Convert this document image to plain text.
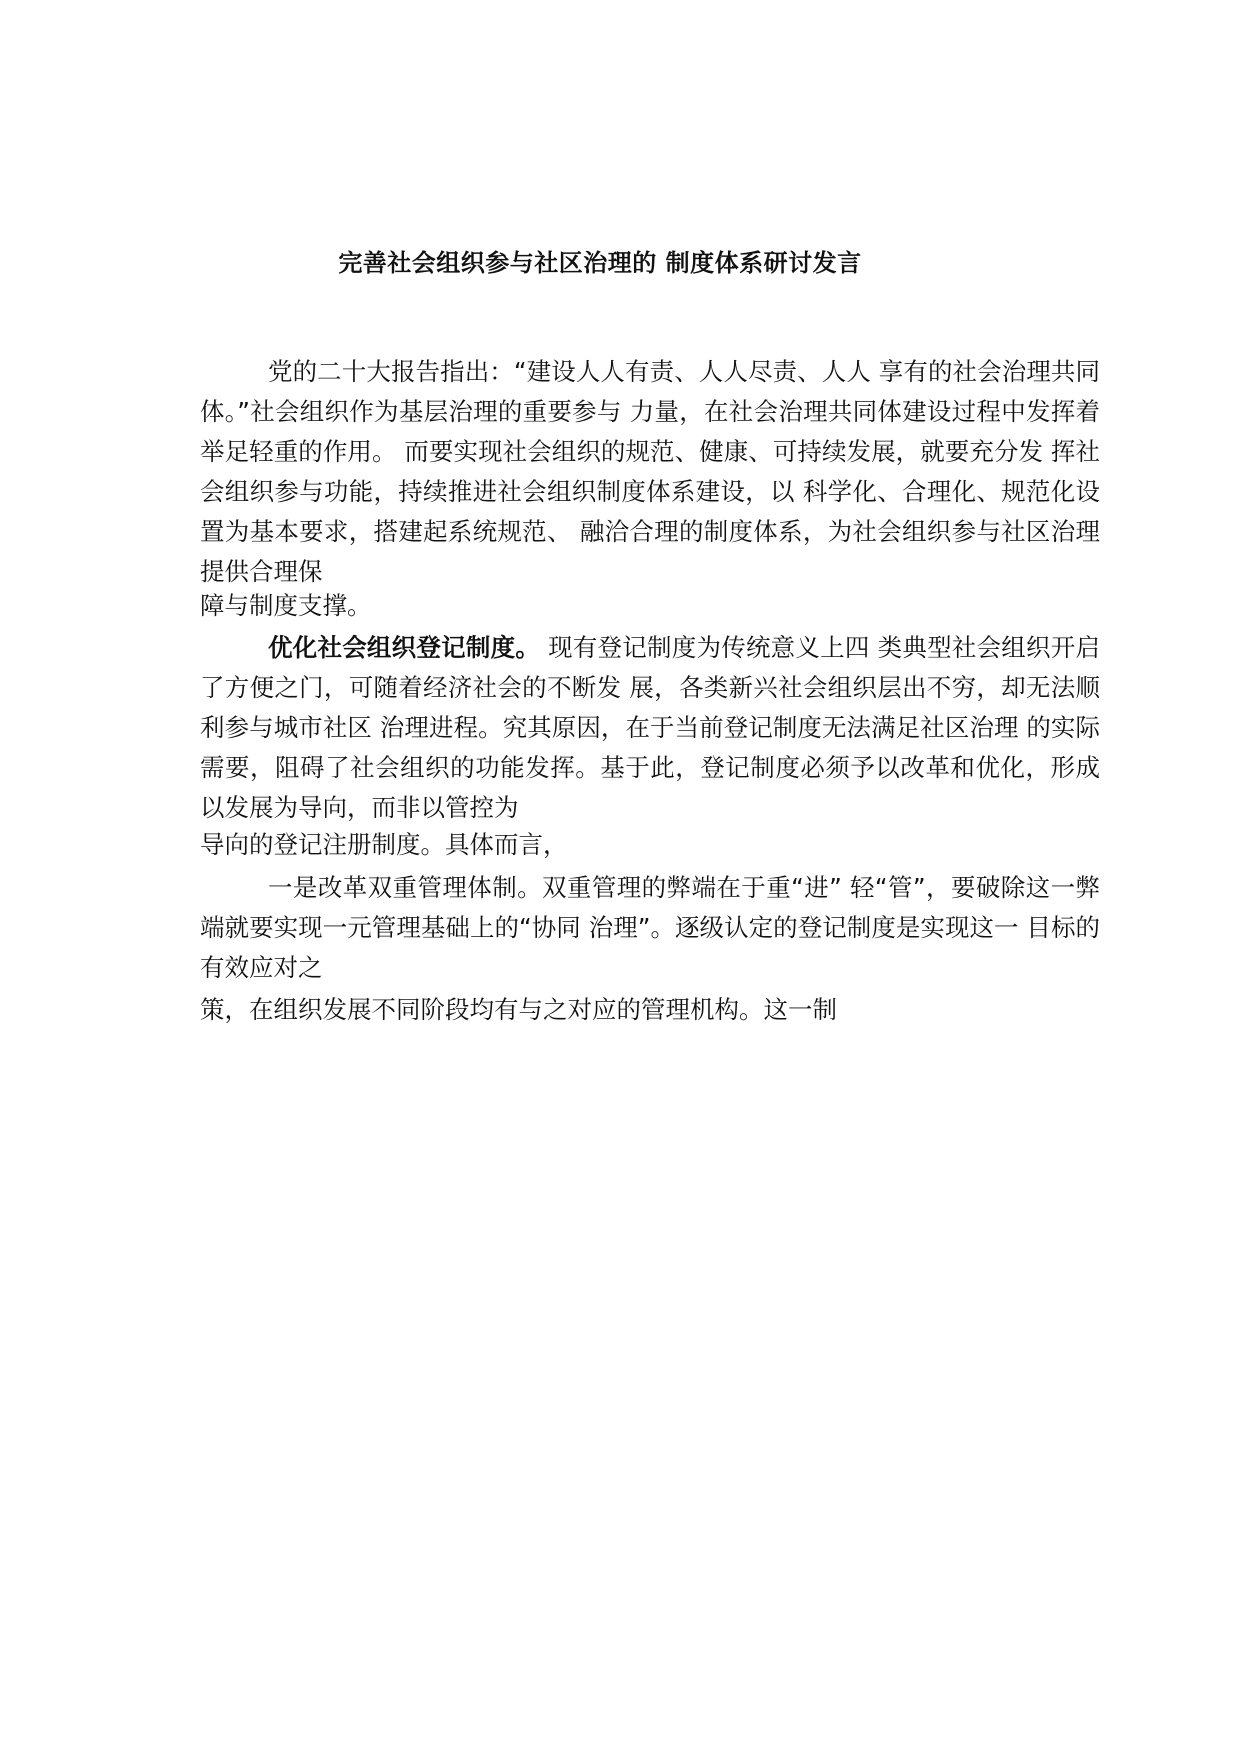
完善社会组织参与社区治理的 制度体系研讨发言

党的二十大报告指出：“建设人人有责、人人尽责、人人 享有的社会治理共同体。”社会组织作为基层治理的重要参与 力量，在社会治理共同体建设过程中发挥着举足轻重的作用。 而要实现社会组织的规范、健康、可持续发展，就要充分发 挥社会组织参与功能，持续推进社会组织制度体系建设，以 科学化、合理化、规范化设置为基本要求，搭建起系统规范、 融洽合理的制度体系，为社会组织参与社区治理提供合理保

障与制度支撑。

优化社会组织登记制度。 现有登记制度为传统意义上四 类典型社会组织开启了方便之门，可随着经济社会的不断发 展，各类新兴社会组织层出不穷，却无法顺利参与城市社区 治理进程。究其原因，在于当前登记制度无法满足社区治理 的实际需要，阻碍了社会组织的功能发挥。基于此，登记制度必须予以改革和优化，形成以发展为导向，而非以管控为

导向的登记注册制度。具体而言，

一是改革双重管理体制。双重管理的弊端在于重“进” 轻“管”，要破除这一弊端就要实现一元管理基础上的“协同 治理”。逐级认定的登记制度是实现这一 目标的有效应对之

策，在组织发展不同阶段均有与之对应的管理机构。这一制
